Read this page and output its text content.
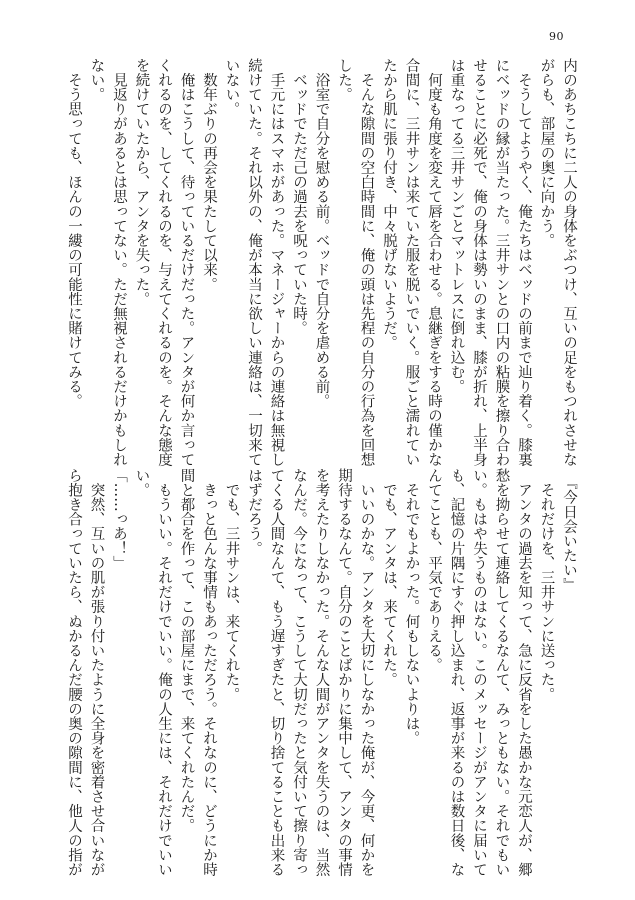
90
内のあちこちに二人の身体をぶつけ、互いの足をもつれさせな
がらも、部屋の奥に向かう。
　そうしてようやく、俺たちはベッドの前まで辿り着く。膝裏
にベッドの縁が当たった。三井サンとの口内の粘膜を擦り合わ
せることに必死で、俺の身体は勢いのまま、膝が折れ、上半身
は重なってる三井サンごとマットレスに倒れ込む。
　何度も角度を変えて唇を合わせる。息継ぎをする時の僅かな
合間に、三井サンは来ていた服を脱いでいく。服ごと濡れてい
たから肌に張り付き、中々脱げないようだ。
　そんな隙間の空白時間に、俺の頭は先程の自分の行為を回想
した。
　浴室で自分を慰める前。ベッドで自分を虐める前。
　ベッドでただ己の過去を呪っていた時。
　手元にはスマホがあった。マネージャーからの連絡は無視し
続けていた。それ以外の、俺が本当に欲しい連絡は、一切来て
いない。
　数年ぶりの再会を果たして以来。
　俺はこうして、待っているだけだった。アンタが何か言って
くれるのを、してくれるのを、与えてくれるのを。そんな態度
を続けていたから、アンタを失った。
　見返りがあるとは思ってない。ただ無視されるだけかもしれ
ない。
　そう思っても、ほんの一縷の可能性に賭けてみる。
　『今日会いたい』
　それだけを、三井サンに送った。
　アンタの過去を知って、急に反省をした愚かな元恋人が、郷
愁を拗らせて連絡してくるなんて、みっともない。それでもい
い。もはや失うものはない。このメッセージがアンタに届いて
も、記憶の片隅にすぐ押し込まれ、返事が来るのは数日後、な
んてことも、平気でありえる。
　それでもよかった。何もしないよりは。
　でも、アンタは、来てくれた。
　いいのかな。アンタを大切にしなかった俺が、今更、何かを
期待するなんて。自分のことばかりに集中して、アンタの事情
を考えたりしなかった。そんな人間がアンタを失うのは、当然
なんだ。今になって、こうして大切だったと気付いて擦り寄っ
てくる人間なんて、もう遅すぎたと、切り捨てることも出来る
はずだろう。
　でも、三井サンは、来てくれた。
　きっと色んな事情もあっただろう。それなのに、どうにか時
間と都合を作って、この部屋にまで、来てくれたんだ。
　もういい。それだけでいい。俺の人生には、それだけでいい
い。
「……っあ！」
　突然、互いの肌が張り付いたように全身を密着させ合いなが
ら抱き合っていたら、ぬかるんだ腰の奥の隙間に、他人の指が
